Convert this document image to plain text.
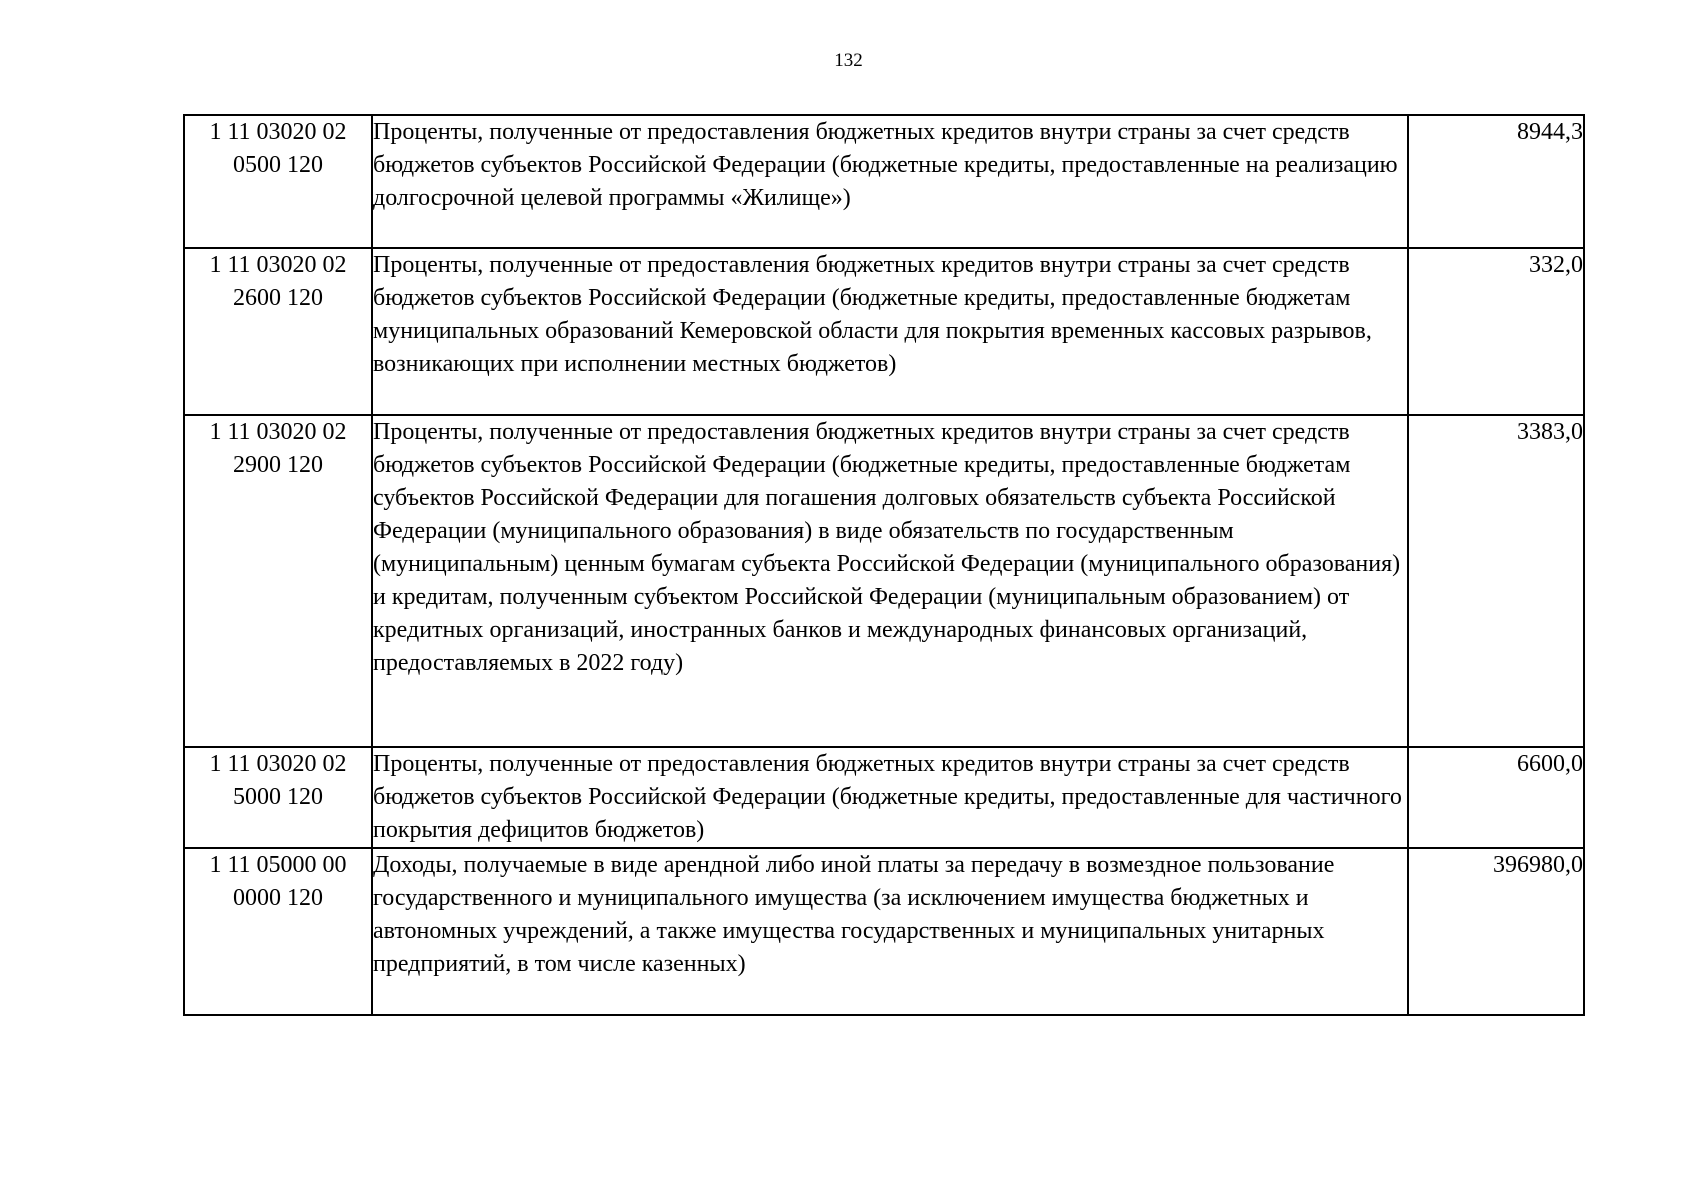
132
1 11 03020 02
0500 120	Проценты, полученные от предоставления бюджетных кредитов внутри страны за счет средств бюджетов субъектов Российской Федерации (бюджетные кредиты, предоставленные на реализацию долгосрочной целевой программы «Жилище»)	8944,3
1 11 03020 02
2600 120	Проценты, полученные от предоставления бюджетных кредитов внутри страны за счет средств бюджетов субъектов Российской Федерации (бюджетные кредиты, предоставленные бюджетам муниципальных образований Кемеровской области для покрытия временных кассовых разрывов, возникающих при исполнении местных бюджетов)	332,0
1 11 03020 02
2900 120	Проценты, полученные от предоставления бюджетных кредитов внутри страны за счет средств бюджетов субъектов Российской Федерации (бюджетные кредиты, предоставленные бюджетам субъектов Российской Федерации для погашения долговых обязательств субъекта Российской Федерации (муниципального образования) в виде обязательств по государственным (муниципальным) ценным бумагам субъекта Российской Федерации (муниципального образования) и кредитам, полученным субъектом Российской Федерации (муниципальным образованием) от кредитных организаций, иностранных банков и международных финансовых организаций, предоставляемых в 2022 году)	3383,0
1 11 03020 02
5000 120	Проценты, полученные от предоставления бюджетных кредитов внутри страны за счет средств бюджетов субъектов Российской Федерации (бюджетные кредиты, предоставленные для частичного покрытия дефицитов бюджетов)	6600,0
1 11 05000 00
0000 120	Доходы, получаемые в виде арендной либо иной платы за передачу в возмездное пользование государственного и муниципального имущества (за исключением имущества бюджетных и автономных учреждений, а также имущества государственных и муниципальных унитарных предприятий, в том числе казенных)	396980,0
